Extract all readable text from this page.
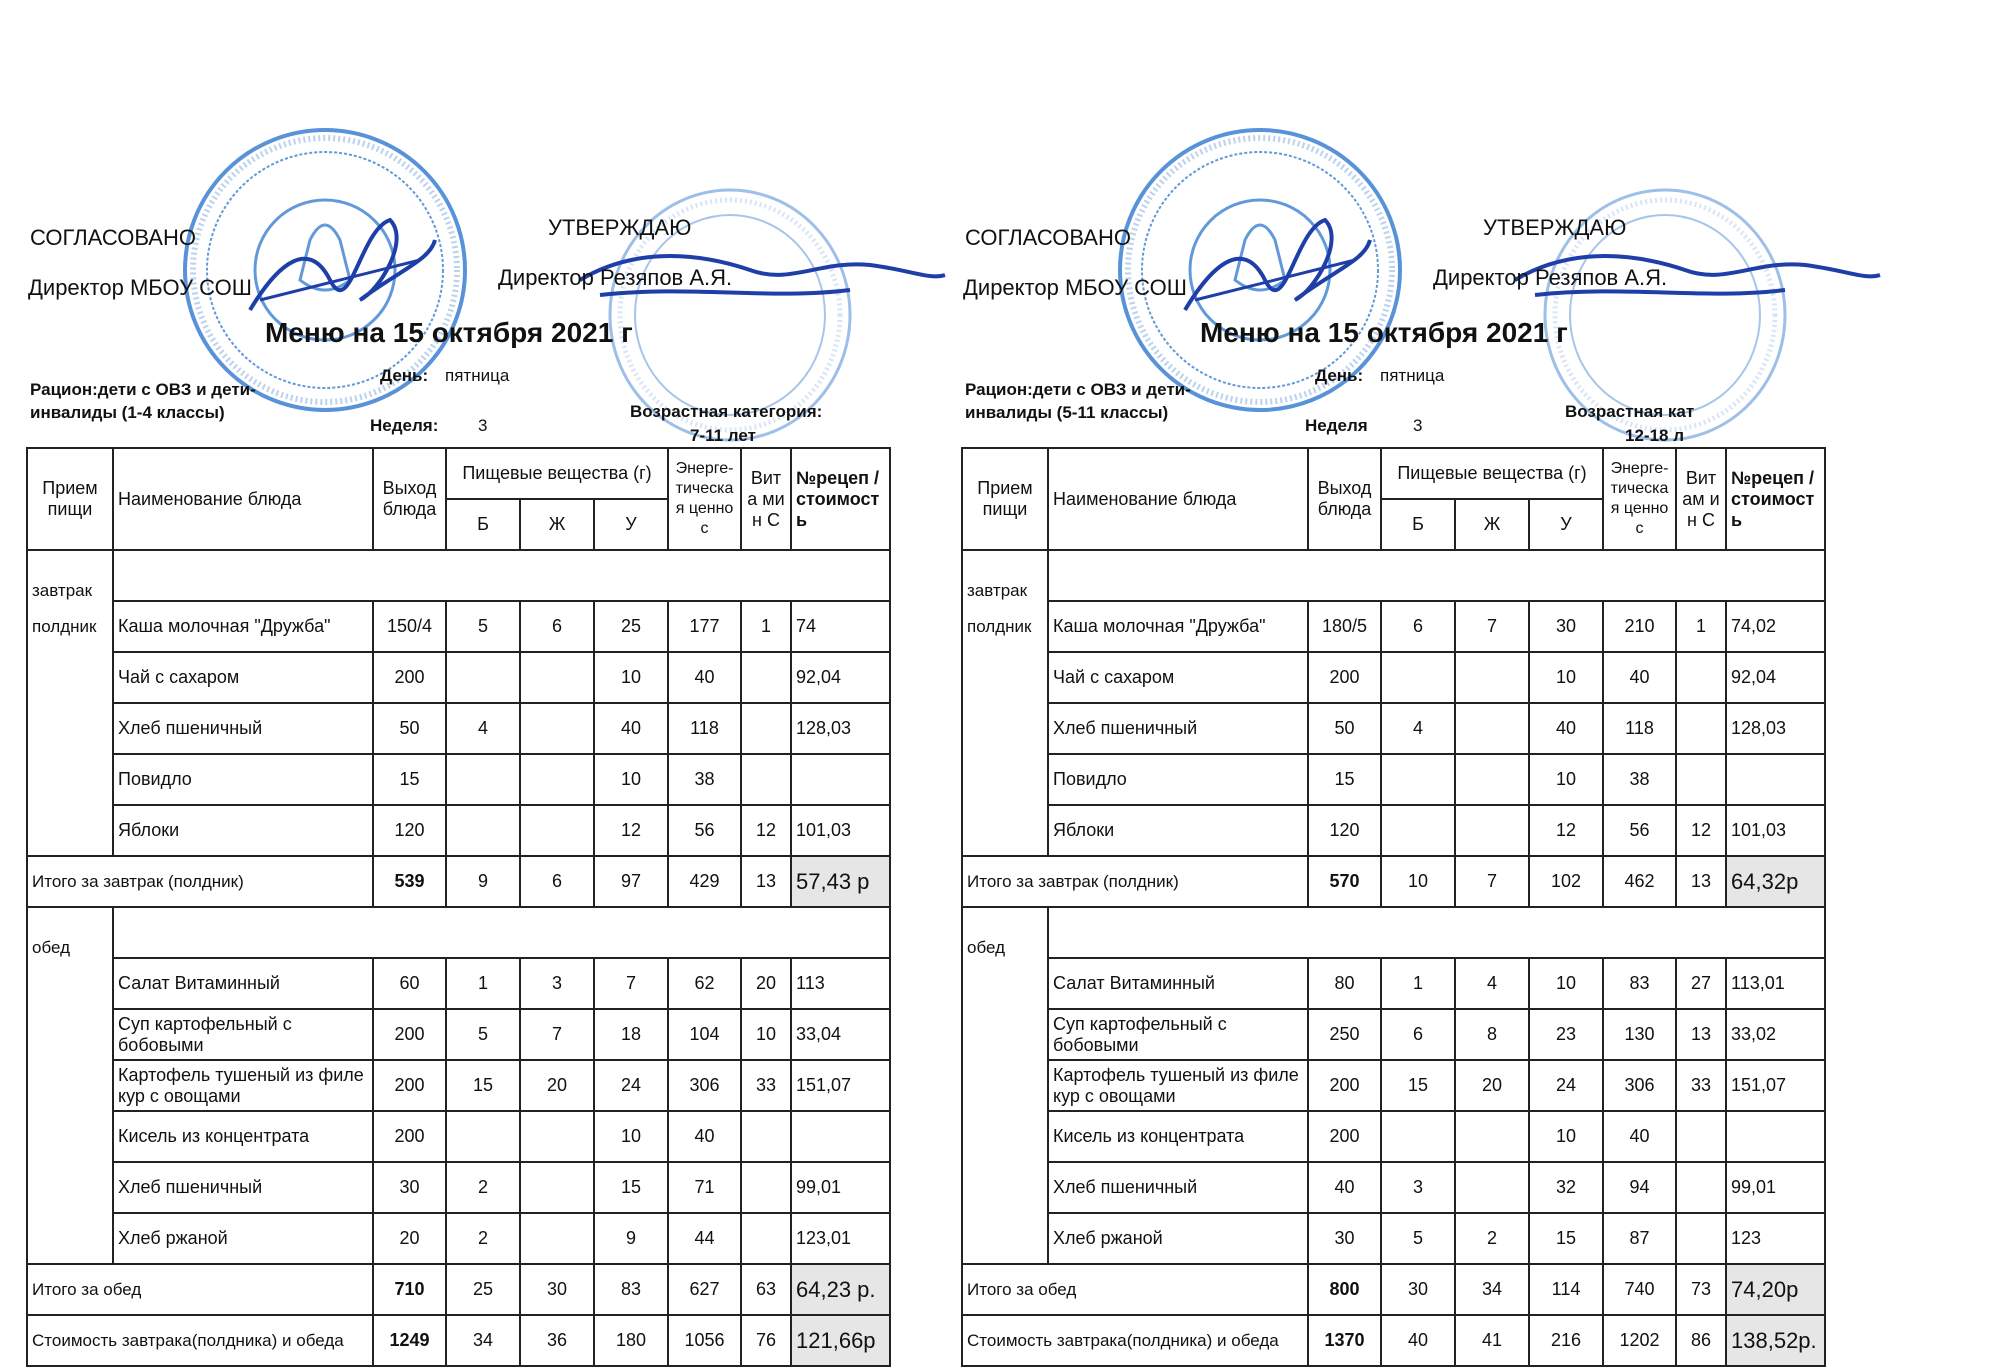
СОГЛАСОВАНО
Директор МБОУ СОШ
УТВЕРЖДАЮ
Директор Резяпов А.Я.
Меню на 15 октября 2021 г
Рацион:дети с ОВЗ и дети-
инвалиды (1-4 классы)
День: пятница
Неделя: 3
Возрастная категория:
7-11 лет
Прием пищи	Наименование блюда	Выход блюда	Пищевые вещества (г)			Энерге-тическая ценнос	Вита мин С	№рецеп /стоимость
			Б	Ж	У			

завтрак
полдник								

	Каша молочная "Дружба"	150/4	5	6	25	177	1	74
	Чай с сахаром	200			10	40		92,04
	Хлеб пшеничный	50	4		40	118		128,03
	Повидло	15			10	38		
	Яблоки	120			12	56	12	101,03
Итого за завтрак (полдник)		539	9	6	97	429	13	57,43 р
обед								
	Салат Витаминный	60	1	3	7	62	20	113
	Суп картофельный с бобовыми	200	5	7	18	104	10	33,04
	Картофель тушеный из филе кур с овощами	200	15	20	24	306	33	151,07
	Кисель из концентрата	200			10	40		
	Хлеб пшеничный	30	2		15	71		99,01
	Хлеб ржаной	20	2		9	44		123,01
Итого за обед		710	25	30	83	627	63	64,23 р.
Стоимость завтрака(полдника) и обеда		1249	34	36	180	1056	76	121,66р
СОГЛАСОВАНО
Директор МБОУ СОШ
УТВЕРЖДАЮ
Директор Резяпов А.Я.
Меню на 15 октября 2021 г
Рацион:дети с ОВЗ и дети-
инвалиды (5-11 классы)
День: пятница
Неделя	3
Возрастная кат
12-18 л
Прием пищи	Наименование блюда	Выход блюда	Пищевые вещества (г)			Энерге-тическая ценнос	Витам ин С	№рецеп /стоимость
			Б	Ж	У			

завтрак
полдник								

	Каша молочная "Дружба"	180/5	6	7	30	210	1	74,02
	Чай с сахаром	200			10	40		92,04
	Хлеб пшеничный	50	4		40	118		128,03
	Повидло	15			10	38		
	Яблоки	120			12	56	12	101,03
Итого за завтрак (полдник)		570	10	7	102	462	13	64,32р
обед								
	Салат Витаминный	80	1	4	10	83	27	113,01
	Суп картофельный с бобовыми	250	6	8	23	130	13	33,02
	Картофель тушеный из филе кур с овощами	200	15	20	24	306	33	151,07
	Кисель из концентрата	200			10	40		
	Хлеб пшеничный	40	3		32	94		99,01
	Хлеб ржаной	30	5	2	15	87		123
Итого за обед		800	30	34	114	740	73	74,20р
Стоимость завтрака(полдника) и обеда		1370	40	41	216	1202	86	138,52р.
